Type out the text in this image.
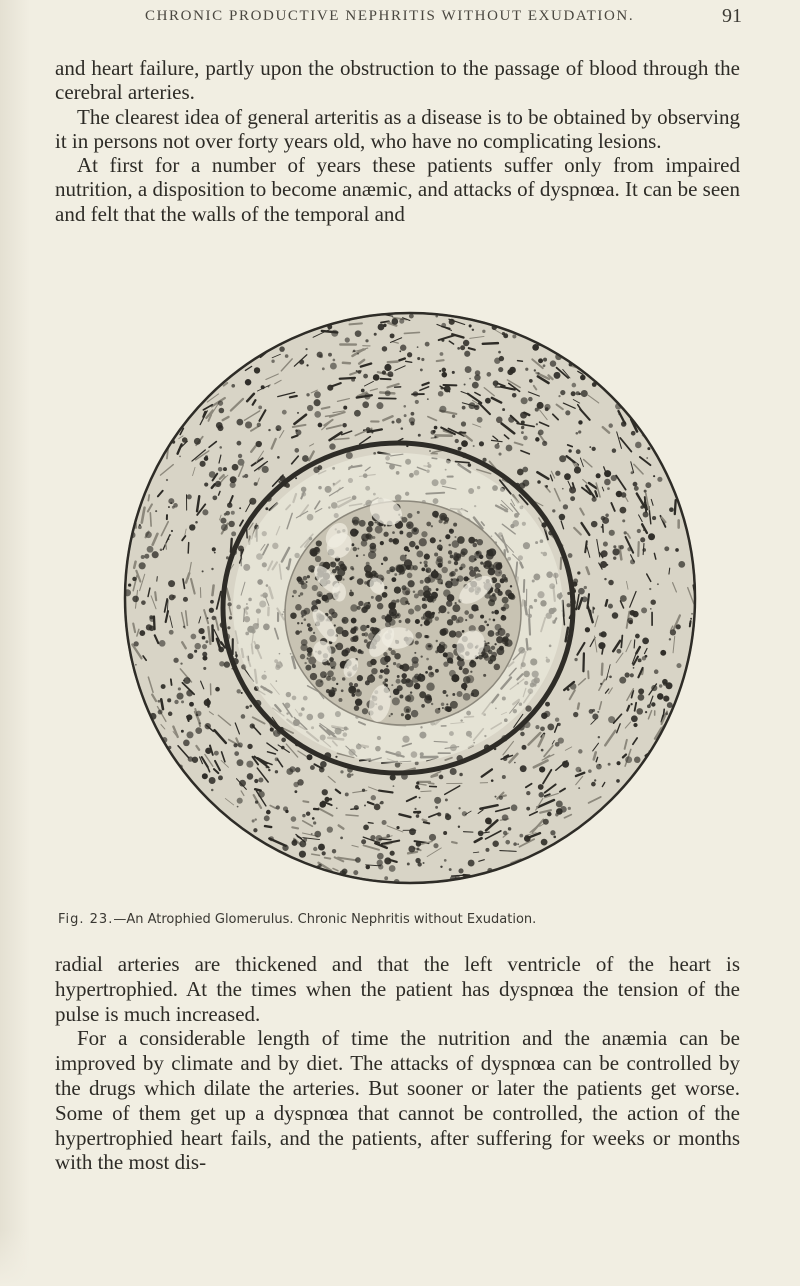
CHRONIC PRODUCTIVE NEPHRITIS WITHOUT EXUDATION.	91

and heart failure, partly upon the obstruction to the passage of blood through the cerebral arteries.

The clearest idea of general arteritis as a disease is to be obtained by observing it in persons not over forty years old, who have no complicating lesions.

At first for a number of years these patients suffer only from impaired nutrition, a disposition to become anæmic, and attacks of dyspnœa. It can be seen and felt that the walls of the temporal and

Fig. 23.—An Atrophied Glomerulus. Chronic Nephritis without Exudation.

radial arteries are thickened and that the left ventricle of the heart is hypertrophied. At the times when the patient has dyspnœa the tension of the pulse is much increased.

For a considerable length of time the nutrition and the anæmia can be improved by climate and by diet. The attacks of dyspnœa can be controlled by the drugs which dilate the arteries. But sooner or later the patients get worse. Some of them get up a dyspnœa that cannot be controlled, the action of the hypertrophied heart fails, and the patients, after suffering for weeks or months with the most dis-
